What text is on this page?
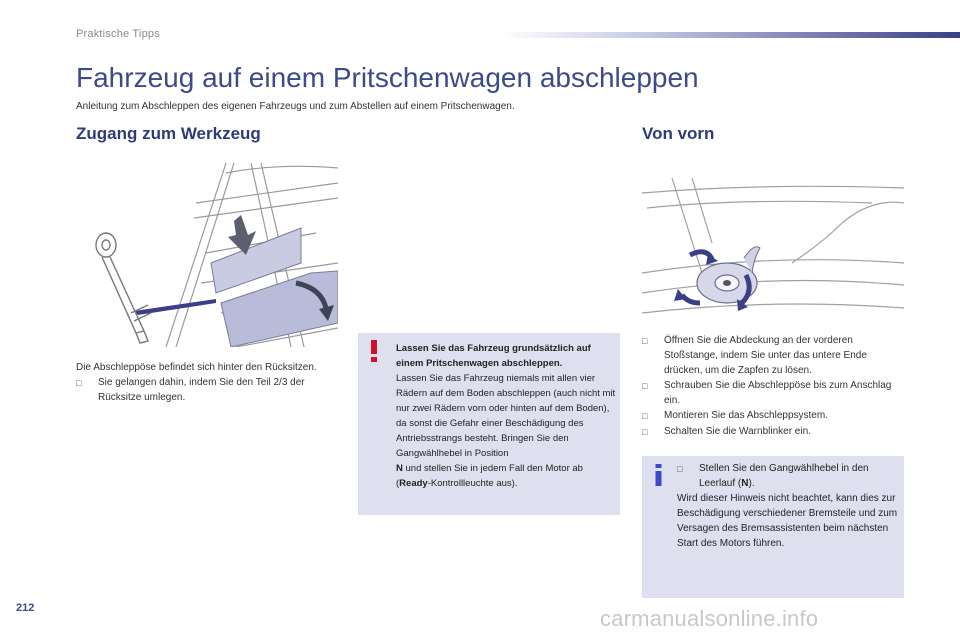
Praktische Tipps
Fahrzeug auf einem Pritschenwagen abschleppen
Anleitung zum Abschleppen des eigenen Fahrzeugs und zum Abstellen auf einem Pritschenwagen.
Zugang zum Werkzeug	Von vorn
Die Abschleppöse befindet sich hinter den Rücksitzen.
□	Sie gelangen dahin, indem Sie den Teil 2/3 der Rücksitze umlegen.
Lassen Sie das Fahrzeug grundsätzlich auf einem Pritschenwagen abschleppen.
Lassen Sie das Fahrzeug niemals mit allen vier Rädern auf dem Boden abschleppen (auch nicht mit nur zwei Rädern vorn oder hinten auf dem Boden), da sonst die Gefahr einer Beschädigung des Antriebsstrangs besteht. Bringen Sie den Gangwählhebel in Position
N und stellen Sie in jedem Fall den Motor ab (Ready-Kontrollleuchte aus).
□	Öffnen Sie die Abdeckung an der vorderen Stoßstange, indem Sie unter das untere Ende drücken, um die Zapfen zu lösen.
□	Schrauben Sie die Abschleppöse bis zum Anschlag ein.
□	Montieren Sie das Abschleppsystem.
□	Schalten Sie die Warnblinker ein.
□	Stellen Sie den Gangwählhebel in den Leerlauf (N).
Wird dieser Hinweis nicht beachtet, kann dies zur Beschädigung verschiedener Bremsteile und zum Versagen des Bremsassistenten beim nächsten Start des Motors führen.
212	carmanualsonline.info
